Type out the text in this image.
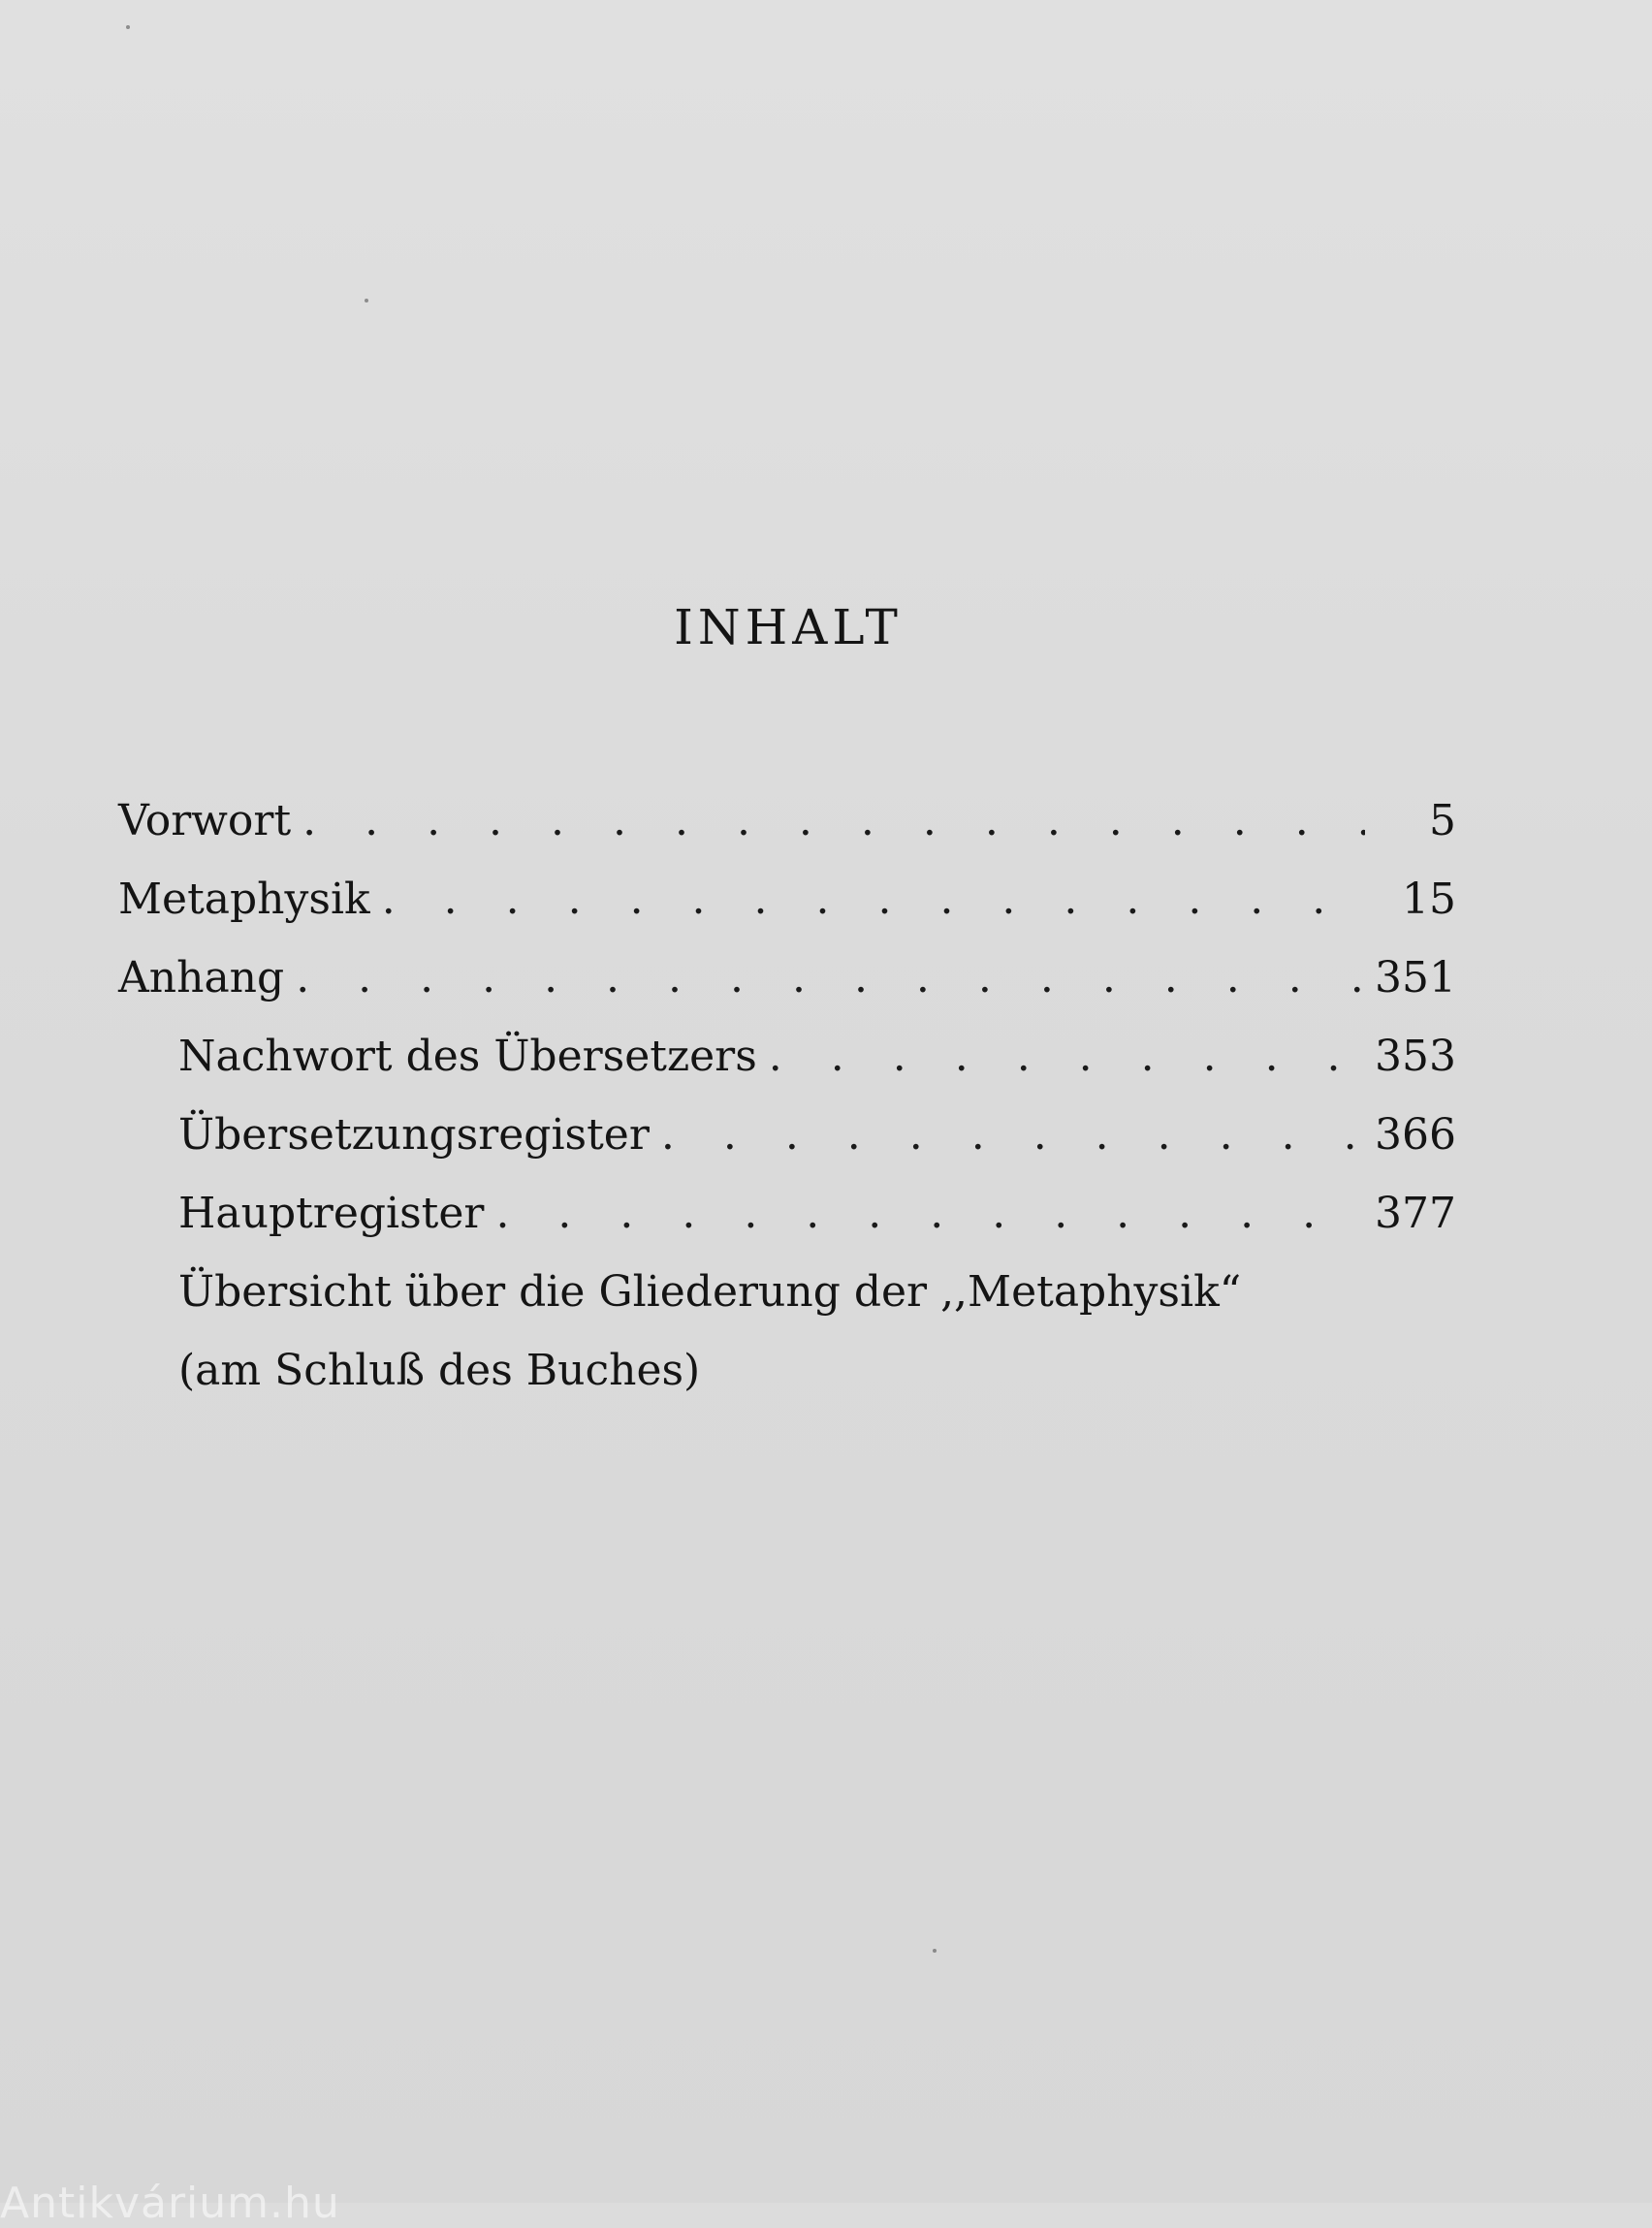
INHALT
Vorwort . . .	5
Metaphysik . . .	15
Anhang . . .	351
Nachwort des Übersetzers . . .	353
Übersetzungsregister . . .	366
Hauptregister . . .	377
Übersicht über die Gliederung der ,,Metaphysik“
(am Schluß des Buches)
Antikvárium.hu
